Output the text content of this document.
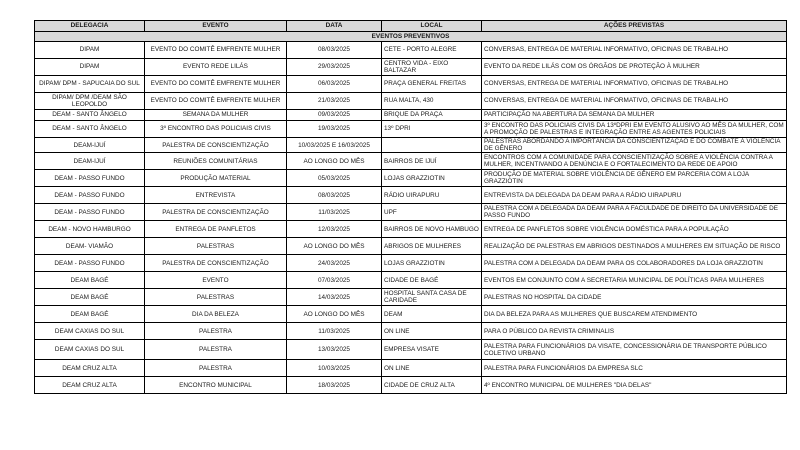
DELEGACIA	EVENTO	DATA	LOCAL	AÇÕES PREVISTAS
EVENTOS PREVENTIVOS				
DIPAM	EVENTO DO COMITÊ EMFRENTE MULHER	08/03/2025	CETE - PORTO ALEGRE	CONVERSAS, ENTREGA DE MATERIAL INFORMATIVO, OFICINAS DE TRABALHO
DIPAM	EVENTO REDE LILÁS	29/03/2025	CENTRO VIDA - EIXO BALTAZAR	EVENTO DA REDE LILÁS COM OS ÓRGÃOS DE PROTEÇÃO À MULHER
DIPAM/ DPM - SAPUCAIA DO SUL	EVENTO DO COMITÊ EMFRENTE MULHER	06/03/2025	PRAÇA GENERAL FREITAS	CONVERSAS, ENTREGA DE MATERIAL INFORMATIVO, OFICINAS DE TRABALHO
DIPAM/ DPM /DEAM SÃO LEOPOLDO	EVENTO DO COMITÊ EMFRENTE MULHER	21/03/2025	RUA MALTA, 430	CONVERSAS, ENTREGA DE MATERIAL INFORMATIVO, OFICINAS DE TRABALHO
DEAM - SANTO ÂNGELO	SEMANA DA MULHER	09/03/2025	BRIQUE DA PRAÇA	PARTICIPAÇÃO NA ABERTURA DA SEMANA DA MULHER
DEAM - SANTO ÂNGELO	3º ENCONTRO DAS POLICIAIS CIVIS	19/03/2025	13º DPRI	3º ENCONTRO DAS POLICIAIS CIVIS DA 13ºDPRI EM EVENTO ALUSIVO AO MÊS DA MULHER, COM A PROMOÇÃO DE PALESTRAS E INTEGRAÇÃO ENTRE AS AGENTES POLICIAIS
DEAM-IJUÍ	PALESTRA DE CONSCIENTIZAÇÃO	10/03/2025 E 16/03/2025		PALESTRAS ABORDANDO A IMPORTÂNCIA DA CONSCIENTIZAÇÃO E DO COMBATE À VIOLÊNCIA DE GÊNERO
DEAM-IJUÍ	REUNIÕES COMUNITÁRIAS	AO LONGO DO MÊS	BAIRROS DE IJUÍ	ENCONTROS COM A COMUNIDADE PARA CONSCIENTIZAÇÃO SOBRE A VIOLÊNCIA CONTRA A MULHER, INCENTIVANDO A DENÚNCIA E O FORTALECIMENTO DA REDE DE APOIO
DEAM - PASSO FUNDO	PRODUÇÃO MATERIAL	05/03/2025	LOJAS GRAZZIOTIN	PRODUÇÃO DE MATERIAL SOBRE VIOLÊNCIA DE GÊNERO EM PARCERIA COM A LOJA GRAZZIOTIN
DEAM - PASSO FUNDO	ENTREVISTA	08/03/2025	RÁDIO UIRAPURU	ENTREVISTA DA DELEGADA DA DEAM PARA A RÁDIO UIRAPURU
DEAM - PASSO FUNDO	PALESTRA DE CONSCIENTIZAÇÃO	11/03/2025	UPF	PALESTRA COM A DELEGADA DA DEAM PARA A FACULDADE DE DIREITO DA UNIVERSIDADE DE PASSO FUNDO
DEAM - NOVO HAMBURGO	ENTREGA DE PANFLETOS	12/03/2025	BAIRROS DE NOVO HAMBUGO	ENTREGA DE PANFLETOS SOBRE VIOLÊNCIA DOMÉSTICA PARA A POPULAÇÃO
DEAM- VIAMÃO	PALESTRAS	AO LONGO DO MÊS	ABRIGOS DE MULHERES	REALIZAÇÃO DE PALESTRAS EM ABRIGOS DESTINADOS A MULHERES EM SITUAÇÃO DE RISCO
DEAM - PASSO FUNDO	PALESTRA DE CONSCIENTIZAÇÃO	24/03/2025	LOJAS GRAZZIOTIN	PALESTRA COM A DELEGADA DA DEAM PARA OS COLABORADORES DA LOJA GRAZZIOTIN
DEAM BAGÉ	EVENTO	07/03/2025	CIDADE DE BAGÉ	EVENTOS EM CONJUNTO COM A SECRETARIA MUNICIPAL DE POLÍTICAS PARA MULHERES
DEAM BAGÉ	PALESTRAS	14/03/2025	HOSPITAL SANTA CASA DE CARIDADE	PALESTRAS NO HOSPITAL DA CIDADE
DEAM BAGÉ	DIA DA BELEZA	AO LONGO DO MÊS	DEAM	DIA DA BELEZA PARA AS MULHERES QUE BUSCAREM ATENDIMENTO
DEAM CAXIAS DO SUL	PALESTRA	11/03/2025	ON LINE	PARA O PÚBLICO DA REVISTA CRIMINALIS
DEAM CAXIAS DO SUL	PALESTRA	13/03/2025	EMPRESA VISATE	PALESTRA PARA FUNCIONÁRIOS DA VISATE, CONCESSIONÁRIA DE TRANSPORTE PÚBLICO COLETIVO URBANO
DEAM CRUZ ALTA	PALESTRA	10/03/2025	ON LINE	PALESTRA PARA FUNCIONÁRIOS DA EMPRESA SLC
DEAM CRUZ ALTA	ENCONTRO MUNICIPAL	18/03/2025	CIDADE DE CRUZ ALTA	4º ENCONTRO MUNICIPAL DE MULHERES "DIA DELAS"
